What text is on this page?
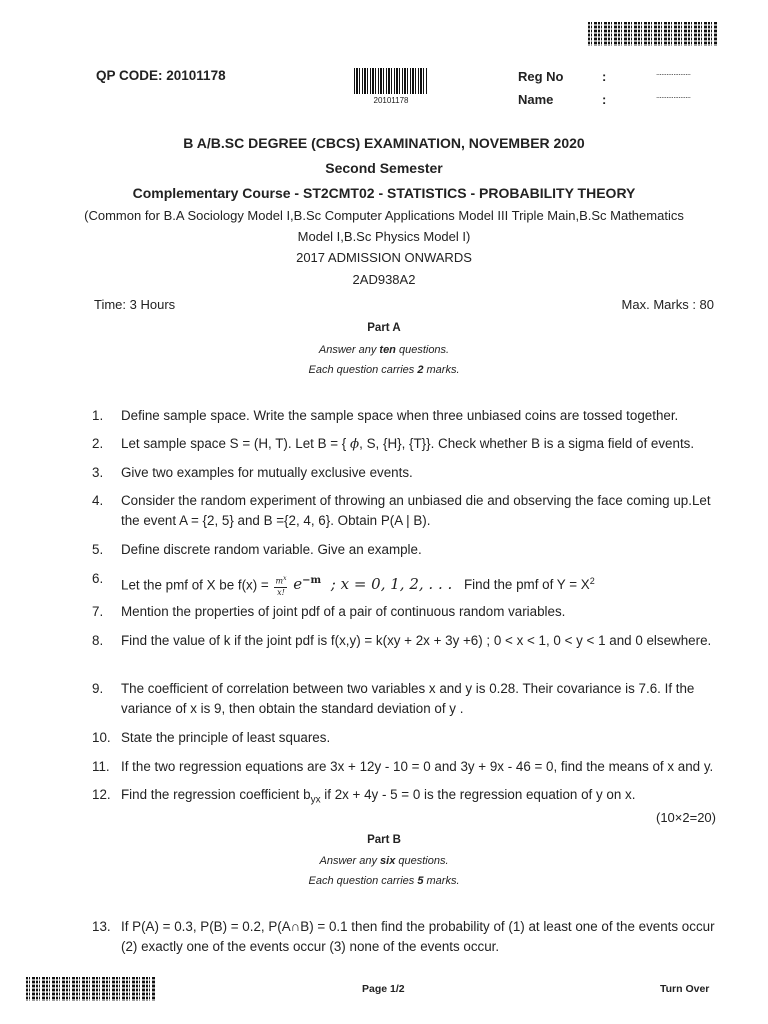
QP CODE: 20101178
20101178
Reg No	:	....................
Name	:	....................
B A/B.SC DEGREE (CBCS) EXAMINATION, NOVEMBER 2020
Second Semester
Complementary Course - ST2CMT02 - STATISTICS - PROBABILITY THEORY
(Common for B.A Sociology Model I,B.Sc Computer Applications Model III Triple Main,B.Sc Mathematics
Model I,B.Sc Physics Model I)
2017 ADMISSION ONWARDS
2AD938A2
Time: 3 Hours	Max. Marks : 80
Part A
Answer any ten questions.
Each question carries 2 marks.
1. Define sample space. Write the sample space when three unbiased coins are tossed together.
2. Let sample space S = (H, T). Let B = { ϕ, S, {H}, {T}}. Check whether B is a sigma field of events.
3. Give two examples for mutually exclusive events.
4. Consider the random experiment of throwing an unbiased die and observing the face coming up.Let the event A = {2, 5} and B ={2, 4, 6}. Obtain P(A | B).
5. Define discrete random variable. Give an example.
6. Let the pmf of X be $f(x) = \frac{m^x}{x!} e^{-m}$ ; x = 0, 1, 2, . . . Find the pmf of $Y = X^2$
7. Mention the properties of joint pdf of a pair of continuous random variables.
8. Find the value of k if the joint pdf is f(x,y) = k(xy + 2x + 3y +6) ; 0 < x < 1, 0 < y < 1 and 0 elsewhere.
9. The coefficient of correlation between two variables x and y is 0.28. Their covariance is 7.6. If the variance of x is 9, then obtain the standard deviation of y .
10. State the principle of least squares.
11. If the two regression equations are 3x + 12y - 10 = 0 and 3y + 9x - 46 = 0, find the means of x and y.
12. Find the regression coefficient $b_{yx}$ if 2x + 4y - 5 = 0 is the regression equation of y on x.
(10×2=20)
Part B
Answer any six questions.
Each question carries 5 marks.
13. If P(A) = 0.3, P(B) = 0.2, P(A∩B) = 0.1 then find the probability of (1) at least one of the events occur (2) exactly one of the events occur (3) none of the events occur.
Page 1/2	Turn Over
